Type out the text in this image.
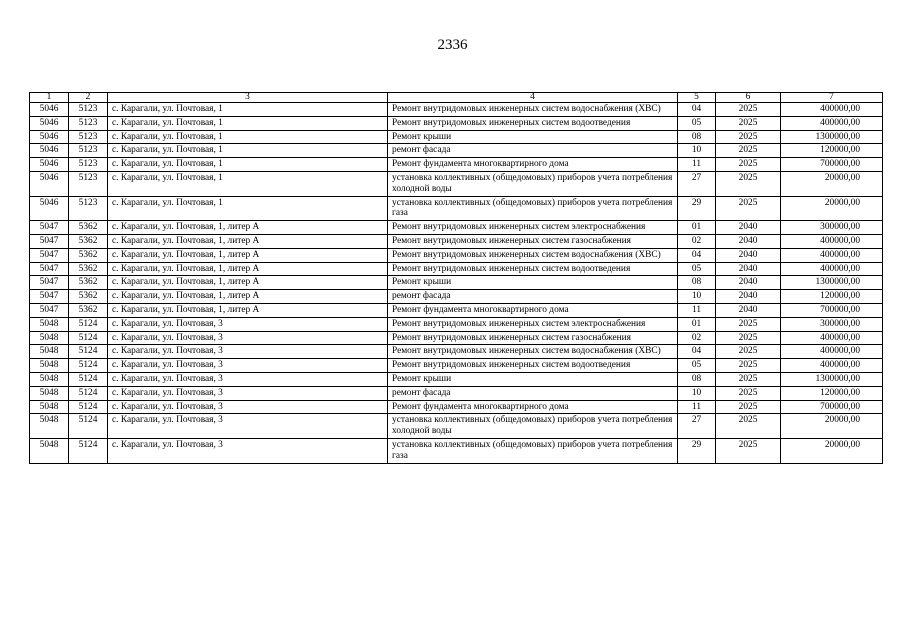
2336
1	2	3	4	5	6	7
5046	5123	с. Карагали, ул. Почтовая, 1	Ремонт внутридомовых инженерных систем водоснабжения (ХВС)	04	2025	400000,00
5046	5123	с. Карагали, ул. Почтовая, 1	Ремонт внутридомовых инженерных систем водоотведения	05	2025	400000,00
5046	5123	с. Карагали, ул. Почтовая, 1	Ремонт крыши	08	2025	1300000,00
5046	5123	с. Карагали, ул. Почтовая, 1	ремонт фасада	10	2025	120000,00
5046	5123	с. Карагали, ул. Почтовая, 1	Ремонт фундамента многоквартирного дома	11	2025	700000,00
5046	5123	с. Карагали, ул. Почтовая, 1	установка коллективных (общедомовых) приборов учета потребления холодной воды	27	2025	20000,00
5046	5123	с. Карагали, ул. Почтовая, 1	установка коллективных (общедомовых) приборов учета потребления газа	29	2025	20000,00
5047	5362	с. Карагали, ул. Почтовая, 1, литер А	Ремонт внутридомовых инженерных систем электроснабжения	01	2040	300000,00
5047	5362	с. Карагали, ул. Почтовая, 1, литер А	Ремонт внутридомовых инженерных систем газоснабжения	02	2040	400000,00
5047	5362	с. Карагали, ул. Почтовая, 1, литер А	Ремонт внутридомовых инженерных систем водоснабжения (ХВС)	04	2040	400000,00
5047	5362	с. Карагали, ул. Почтовая, 1, литер А	Ремонт внутридомовых инженерных систем водоотведения	05	2040	400000,00
5047	5362	с. Карагали, ул. Почтовая, 1, литер А	Ремонт крыши	08	2040	1300000,00
5047	5362	с. Карагали, ул. Почтовая, 1, литер А	ремонт фасада	10	2040	120000,00
5047	5362	с. Карагали, ул. Почтовая, 1, литер А	Ремонт фундамента многоквартирного дома	11	2040	700000,00
5048	5124	с. Карагали, ул. Почтовая, 3	Ремонт внутридомовых инженерных систем электроснабжения	01	2025	300000,00
5048	5124	с. Карагали, ул. Почтовая, 3	Ремонт внутридомовых инженерных систем газоснабжения	02	2025	400000,00
5048	5124	с. Карагали, ул. Почтовая, 3	Ремонт внутридомовых инженерных систем водоснабжения (ХВС)	04	2025	400000,00
5048	5124	с. Карагали, ул. Почтовая, 3	Ремонт внутридомовых инженерных систем водоотведения	05	2025	400000,00
5048	5124	с. Карагали, ул. Почтовая, 3	Ремонт крыши	08	2025	1300000,00
5048	5124	с. Карагали, ул. Почтовая, 3	ремонт фасада	10	2025	120000,00
5048	5124	с. Карагали, ул. Почтовая, 3	Ремонт фундамента многоквартирного дома	11	2025	700000,00
5048	5124	с. Карагали, ул. Почтовая, 3	установка коллективных (общедомовых) приборов учета потребления холодной воды	27	2025	20000,00
5048	5124	с. Карагали, ул. Почтовая, 3	установка коллективных (общедомовых) приборов учета потребления газа	29	2025	20000,00
